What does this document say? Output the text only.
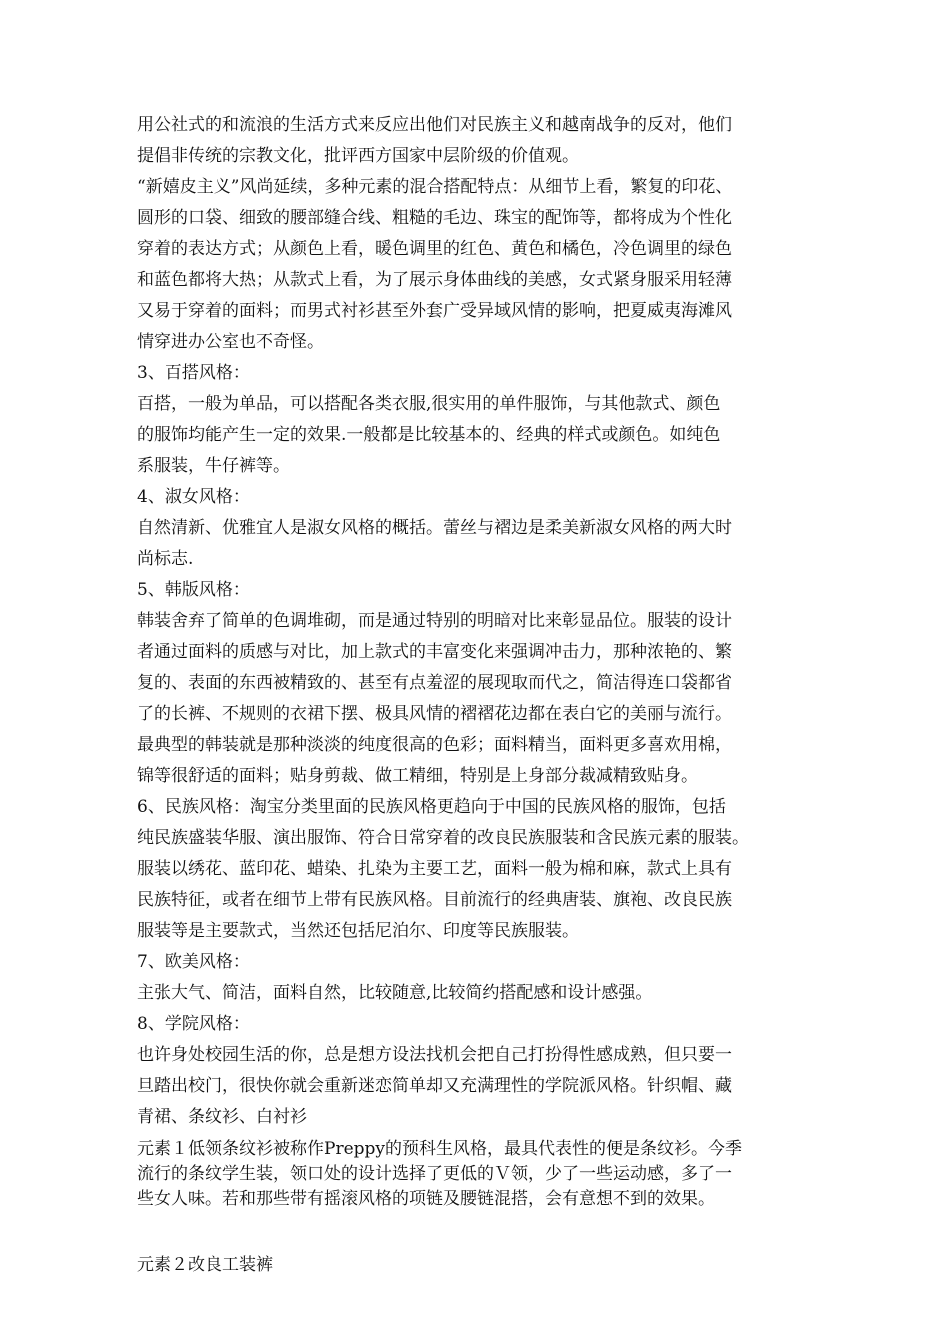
用公社式的和流浪的生活方式来反应出他们对民族主义和越南战争的反对，他们
提倡非传统的宗教文化，批评西方国家中层阶级的价值观。

“新嬉皮主义”风尚延续，多种元素的混合搭配特点：从细节上看，繁复的印花、
圆形的口袋、细致的腰部缝合线、粗糙的毛边、珠宝的配饰等，都将成为个性化
穿着的表达方式；从颜色上看，暖色调里的红色、黄色和橘色，冷色调里的绿色
和蓝色都将大热；从款式上看，为了展示身体曲线的美感，女式紧身服采用轻薄
又易于穿着的面料；而男式衬衫甚至外套广受异域风情的影响，把夏威夷海滩风
情穿进办公室也不奇怪。

3、百搭风格：

百搭，一般为单品，可以搭配各类衣服,很实用的单件服饰，与其他款式、颜色
的服饰均能产生一定的效果.一般都是比较基本的、经典的样式或颜色。如纯色
系服装，牛仔裤等。

4、淑女风格：

自然清新、优雅宜人是淑女风格的概括。蕾丝与褶边是柔美新淑女风格的两大时
尚标志.

5、韩版风格：

韩装舍弃了简单的色调堆砌，而是通过特别的明暗对比来彰显品位。服装的设计
者通过面料的质感与对比，加上款式的丰富变化来强调冲击力，那种浓艳的、繁
复的、表面的东西被精致的、甚至有点羞涩的展现取而代之，简洁得连口袋都省
了的长裤、不规则的衣裙下摆、极具风情的褶褶花边都在表白它的美丽与流行。
最典型的韩装就是那种淡淡的纯度很高的色彩；面料精当，面料更多喜欢用棉，
锦等很舒适的面料；贴身剪裁、做工精细，特别是上身部分裁减精致贴身。

6、民族风格：淘宝分类里面的民族风格更趋向于中国的民族风格的服饰，包括
纯民族盛装华服、演出服饰、符合日常穿着的改良民族服装和含民族元素的服装。
服装以绣花、蓝印花、蜡染、扎染为主要工艺，面料一般为棉和麻，款式上具有
民族特征，或者在细节上带有民族风格。目前流行的经典唐装、旗袍、改良民族
服装等是主要款式，当然还包括尼泊尔、印度等民族服装。

7、欧美风格：

主张大气、简洁，面料自然，比较随意,比较简约搭配感和设计感强。

8、学院风格：

也许身处校园生活的你，总是想方设法找机会把自己打扮得性感成熟，但只要一
旦踏出校门，很快你就会重新迷恋简单却又充满理性的学院派风格。针织帽、藏
青裙、条纹衫、白衬衫

元素１低领条纹衫被称作Preppy的预科生风格，最具代表性的便是条纹衫。今季
流行的条纹学生装，领口处的设计选择了更低的Ｖ领，少了一些运动感，多了一
些女人味。若和那些带有摇滚风格的项链及腰链混搭，会有意想不到的效果。

元素２改良工装裤
